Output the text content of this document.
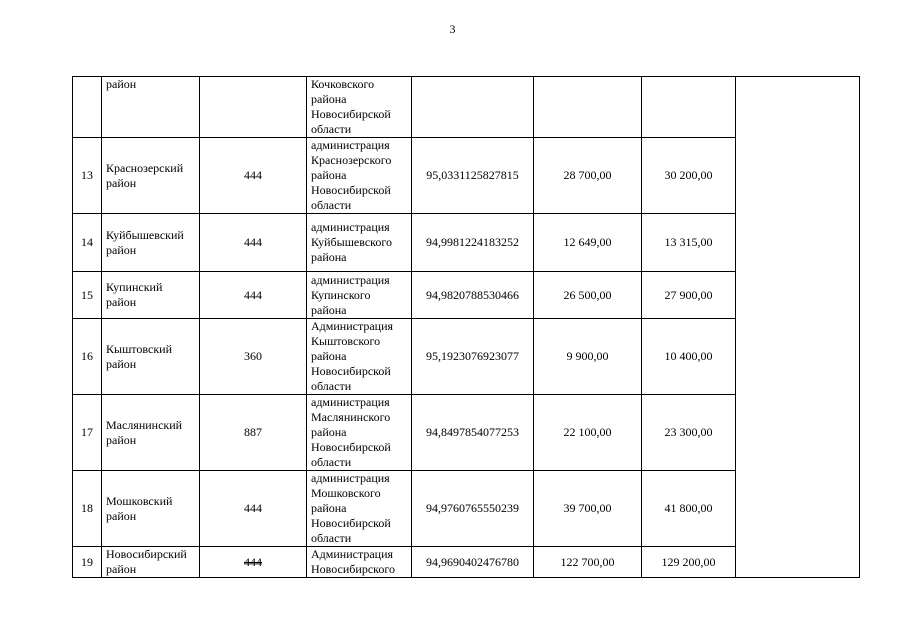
3
	район		Кочковского района Новосибирской области				
13	Краснозерский район	444	администрация Краснозерского района Новосибирской области	95,0331125827815	28 700,00	30 200,00	
14	Куйбышевский район	444	администрация Куйбышевского района	94,9981224183252	12 649,00	13 315,00	
15	Купинский район	444	администрация Купинского района	94,9820788530466	26 500,00	27 900,00	
16	Кыштовский район	360	Администрация Кыштовского района Новосибирской области	95,1923076923077	9 900,00	10 400,00	
17	Маслянинский район	887	администрация Маслянинского района Новосибирской области	94,8497854077253	22 100,00	23 300,00	
18	Мошковский район	444	администрация Мошковского района Новосибирской области	94,9760765550239	39 700,00	41 800,00	
19	Новосибирский район	444	Администрация Новосибирского	94,9690402476780	122 700,00	129 200,00	
